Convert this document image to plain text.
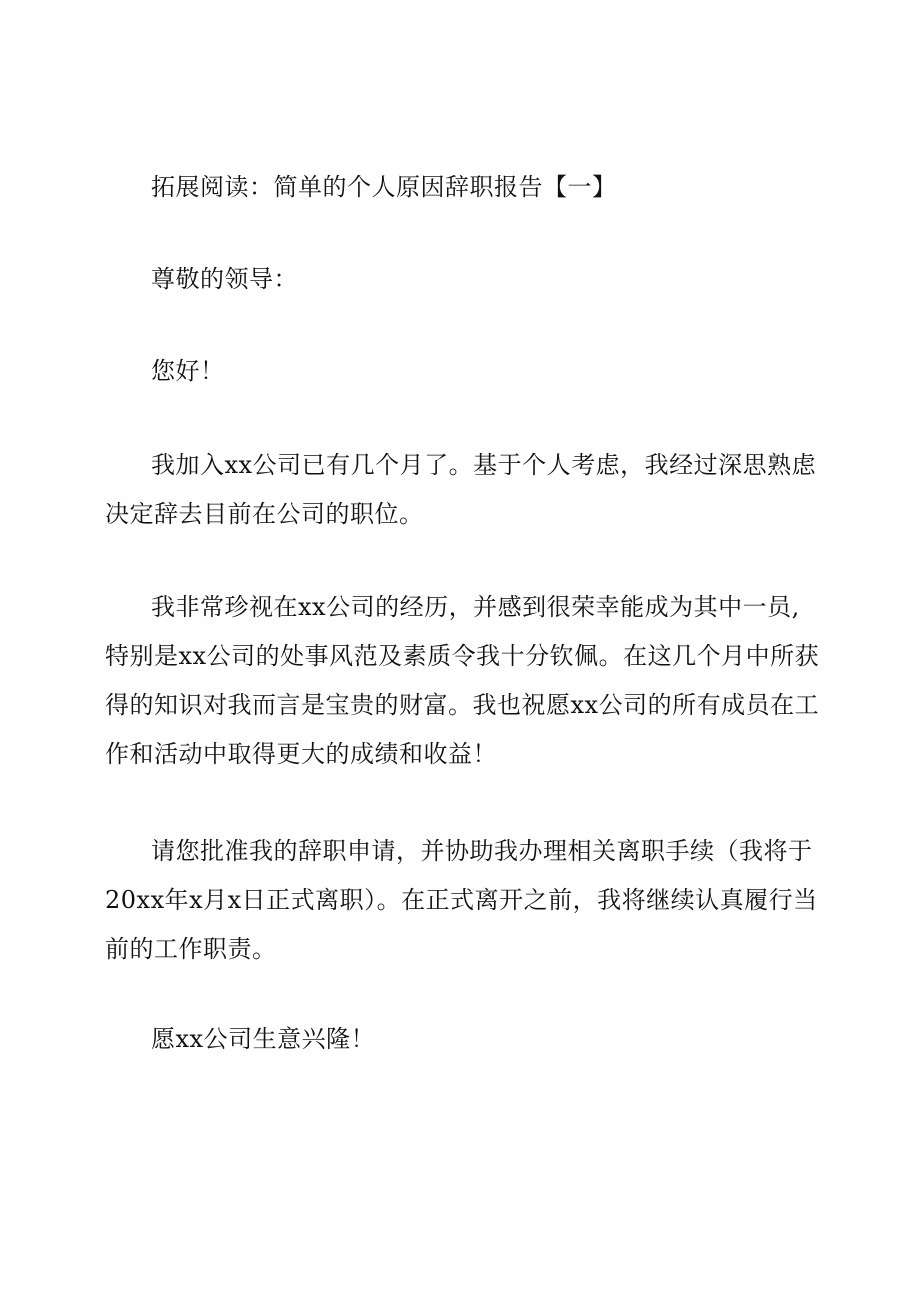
拓展阅读：简单的个人原因辞职报告【一】

尊敬的领导：

您好！

我加入xx公司已有几个月了。基于个人考虑，我经过深思熟虑决定辞去目前在公司的职位。

我非常珍视在xx公司的经历，并感到很荣幸能成为其中一员,特别是xx公司的处事风范及素质令我十分钦佩。在这几个月中所获得的知识对我而言是宝贵的财富。我也祝愿xx公司的所有成员在工作和活动中取得更大的成绩和收益！

请您批准我的辞职申请，并协助我办理相关离职手续（我将于20xx年x月x日正式离职）。在正式离开之前，我将继续认真履行当前的工作职责。

愿xx公司生意兴隆！
